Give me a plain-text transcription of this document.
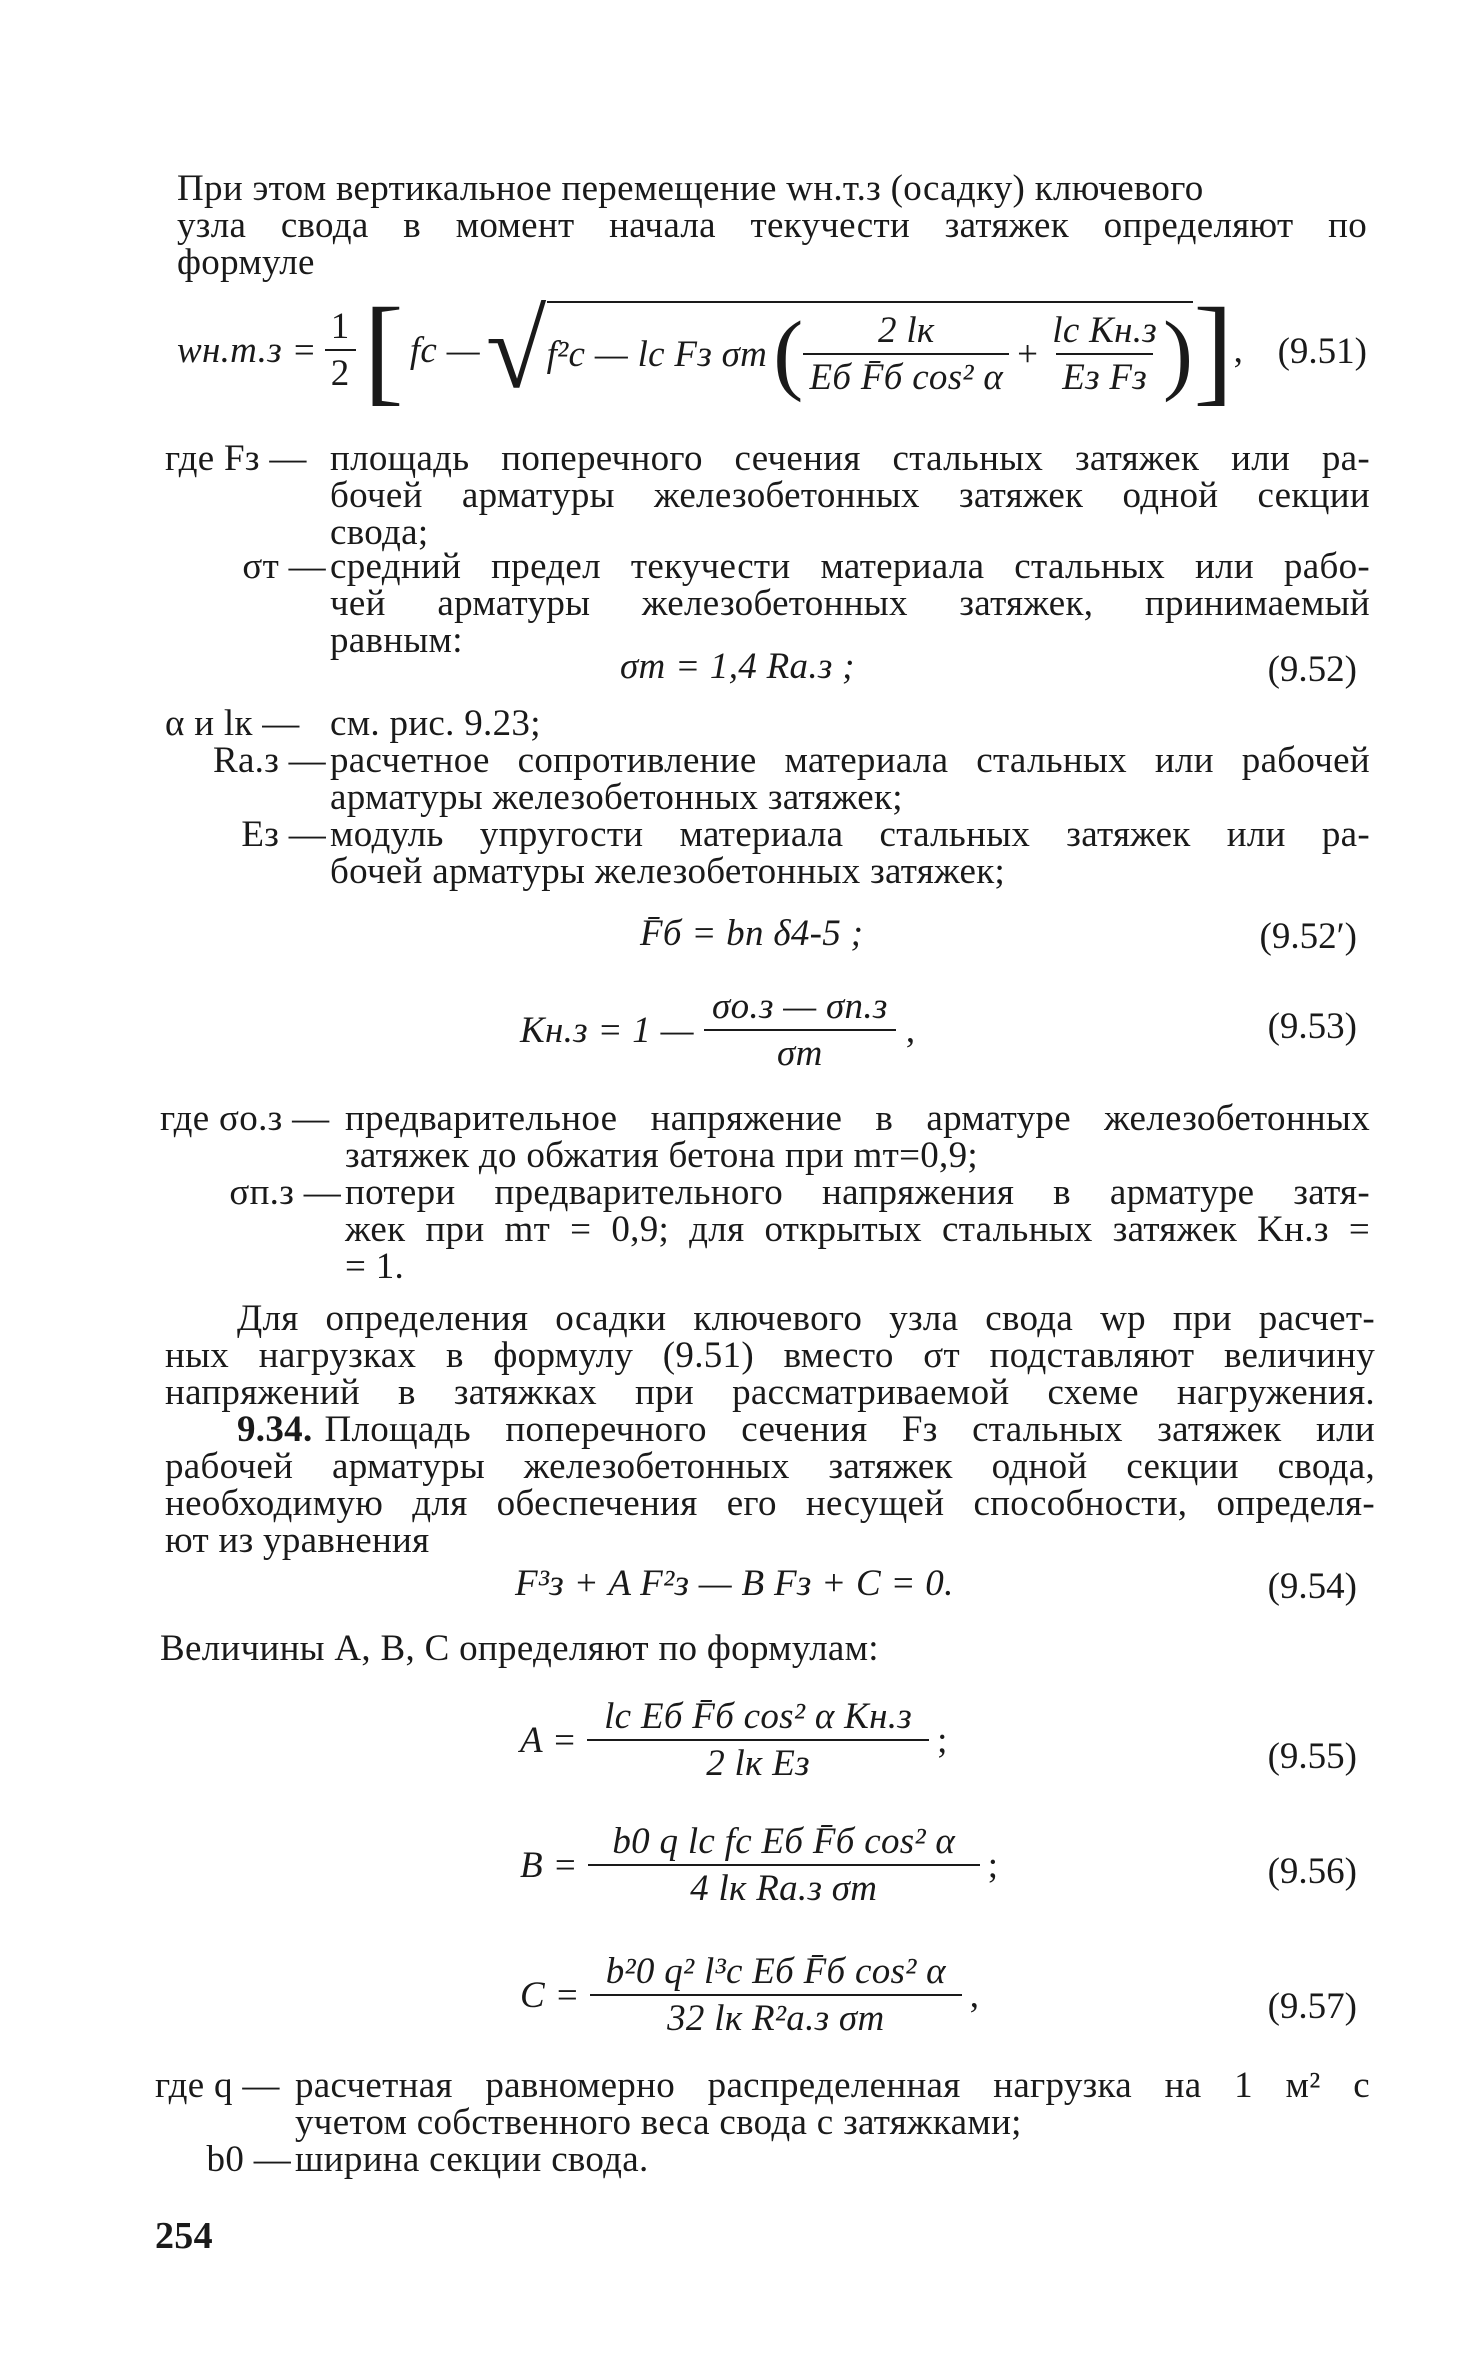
При этом вертикальное перемещение wн.т.з (осадку) ключевого
узла свода в момент начала текучести затяжек определяют по
формуле
$wн.т.з = \frac{1}{2}$ [ fc — √ f²c — lc Fз σт ( $\frac{2 lк}{\text{Eб F̄б cos² α}} + \frac{\text{lc Kн.з}}{\text{Eз Fз}}$ ) ] , (9.51)
где Fз — площадь поперечного сечения стальных затяжек или ра-
бочей арматуры железобетонных затяжек одной секции
свода;
σт — средний предел текучести материала стальных или рабо-
чей арматуры железобетонных затяжек, принимаемый
равным:
σт = 1,4 Rа.з ;	(9.52)
α и lк — см. рис. 9.23;
Rа.з — расчетное сопротивление материала стальных или рабочей
арматуры железобетонных затяжек;
Eз — модуль упругости материала стальных затяжек или ра-
бочей арматуры железобетонных затяжек;
F̄б = bп δ4-5 ;	(9.52′)
Kн.з = 1 — $\frac{\sigma о.з — \sigma п.з}{\sigma т}$ ,	(9.53)
где σо.з — предварительное напряжение в арматуре железобетонных
затяжек до обжатия бетона при mт=0,9;
σп.з — потери предварительного напряжения в арматуре затя-
жек при mт = 0,9; для открытых стальных затяжек Kн.з =
= 1.
Для определения осадки ключевого узла свода wр при расчет-
ных нагрузках в формулу (9.51) вместо σт подставляют величину
напряжений в затяжках при рассматриваемой схеме нагружения.
9.34. Площадь поперечного сечения Fз стальных затяжек или
рабочей арматуры железобетонных затяжек одной секции свода,
необходимую для обеспечения его несущей способности, определя-
ют из уравнения
F³з + A F²з — B Fз + C = 0.	(9.54)
Величины A, B, C определяют по формулам:
$A = \frac{\text{lc Eб F̄б cos² α Kн.з}}{\text{2 lк Eз}}$ ;	(9.55)
$B = \frac{\text{b0 q lc fc Eб F̄б cos² α}}{\text{4 lк Rа.з σт}}$ ;	(9.56)
$C = \frac{\text{b²0 q² l³c Eб F̄б cos² α}}{\text{32 lк R²а.з σт}}$ ,	(9.57)
где q — расчетная равномерно распределенная нагрузка на 1 м² с
учетом собственного веса свода с затяжками;
b0 — ширина секции свода.
254
